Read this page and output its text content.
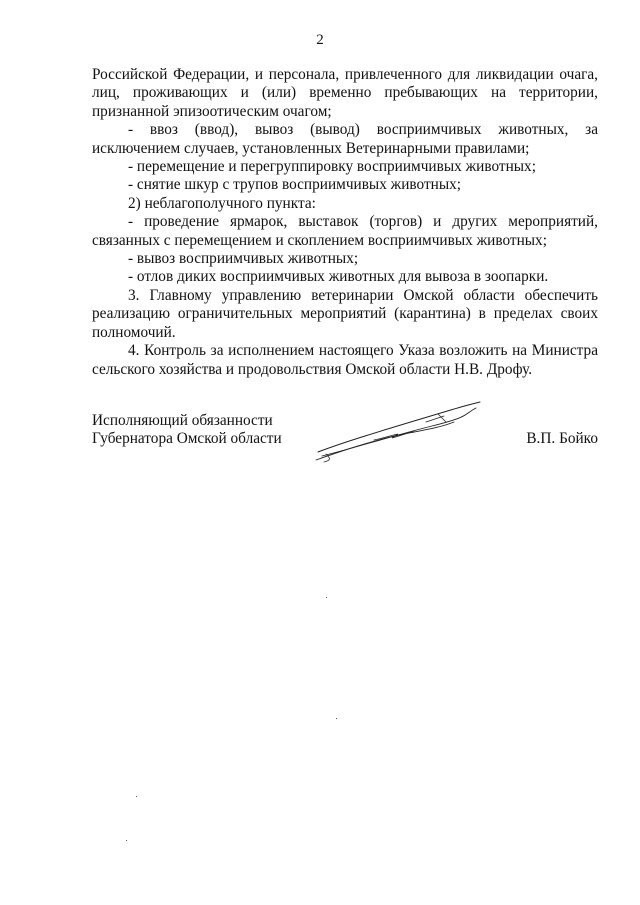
2
Российской Федерации, и персонала, привлеченного для ликвидации очага,
лиц, проживающих и (или) временно пребывающих на территории,
признанной эпизоотическим очагом;
- ввоз (ввод), вывоз (вывод) восприимчивых животных, за
исключением случаев, установленных Ветеринарными правилами;
- перемещение и перегруппировку восприимчивых животных;
- снятие шкур с трупов восприимчивых животных;
2) неблагополучного пункта:
- проведение ярмарок, выставок (торгов) и других мероприятий,
связанных с перемещением и скоплением восприимчивых животных;
- вывоз восприимчивых животных;
- отлов диких восприимчивых животных для вывоза в зоопарки.
3. Главному управлению ветеринарии Омской области обеспечить
реализацию ограничительных мероприятий (карантина) в пределах своих
полномочий.
4. Контроль за исполнением настоящего Указа возложить на Министра
сельского хозяйства и продовольствия Омской области Н.В. Дрофу.
Исполняющий обязанности
Губернатора Омской области	В.П. Бойко
